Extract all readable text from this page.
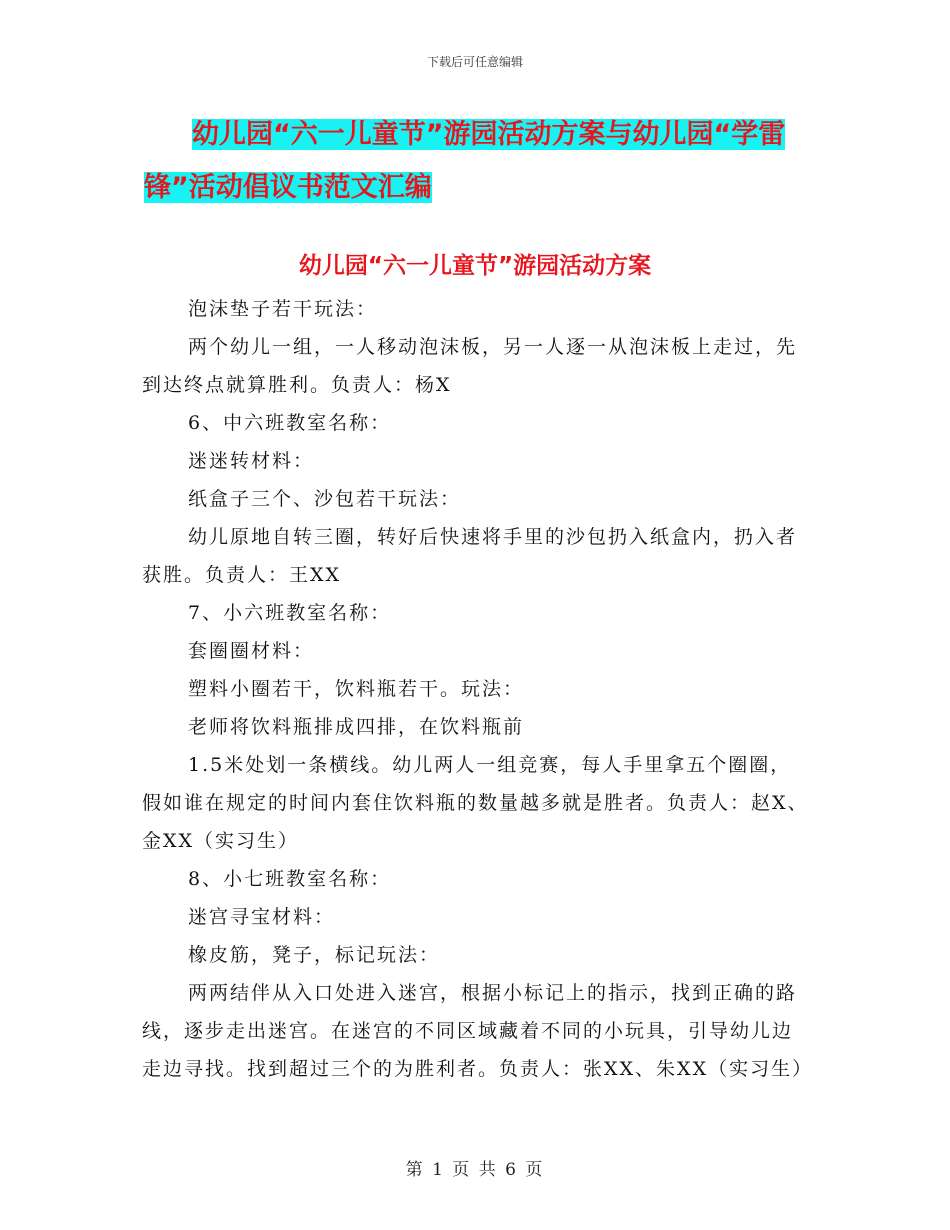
下载后可任意编辑
幼儿园“六一儿童节”游园活动方案与幼儿园“学雷
锋”活动倡议书范文汇编
幼儿园“六一儿童节”游园活动方案

泡沫垫子若干玩法：

两个幼儿一组，一人移动泡沫板，另一人逐一从泡沫板上走过，先到达终点就算胜利。负责人：杨X

6、中六班教室名称：

迷迷转材料：

纸盒子三个、沙包若干玩法：

幼儿原地自转三圈，转好后快速将手里的沙包扔入纸盒内，扔入者获胜。负责人：王XX

7、小六班教室名称：

套圈圈材料：

塑料小圈若干，饮料瓶若干。玩法：

老师将饮料瓶排成四排，在饮料瓶前

1.5米处划一条横线。幼儿两人一组竞赛，每人手里拿五个圈圈，假如谁在规定的时间内套住饮料瓶的数量越多就是胜者。负责人：赵X、金XX（实习生）

8、小七班教室名称：

迷宫寻宝材料：

橡皮筋，凳子，标记玩法：

两两结伴从入口处进入迷宫，根据小标记上的指示，找到正确的路线，逐步走出迷宫。在迷宫的不同区域藏着不同的小玩具，引导幼儿边走边寻找。找到超过三个的为胜利者。负责人：张XX、朱XX（实习生）

第 1 页 共 6 页
